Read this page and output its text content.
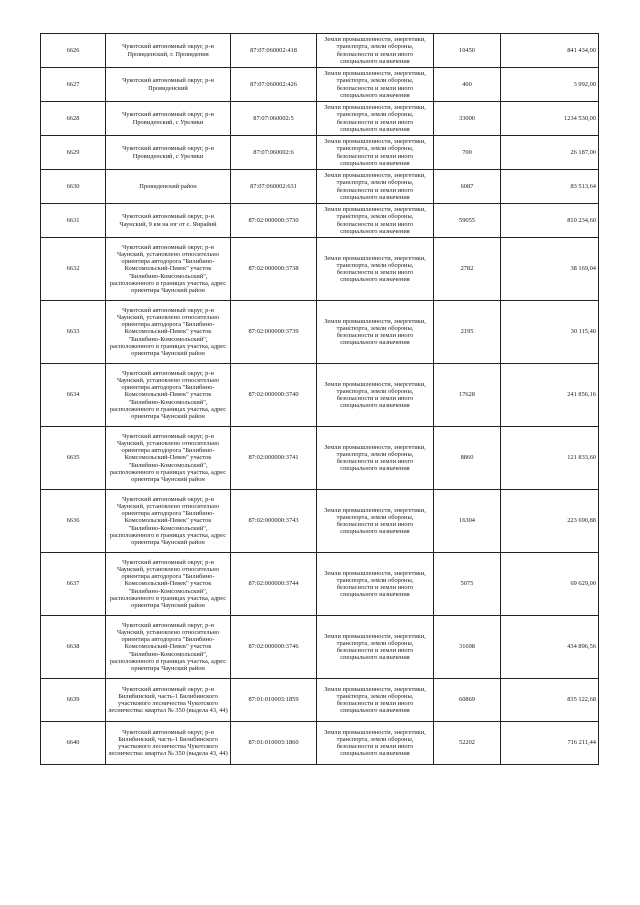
6626	Чукотский автономный округ, р-н Провиденский, г. Провидения	87:07:060002:418	Земли промышленности, энергетики, транспорта, земли обороны, безопасности и земли иного специального назначения	10450	841 434,00
6627	Чукотский автономный округ, р-н Провиденский	87:07:060002:426	Земли промышленности, энергетики, транспорта, земли обороны, безопасности и земли иного специального назначения	400	3 992,00
6628	Чукотский автономный округ, р-н Провиденский, с Урелики	87:07:060002:5	Земли промышленности, энергетики, транспорта, земли обороны, безопасности и земли иного специального назначения	33000	1234 530,00
6629	Чукотский автономный округ, р-н Провиденский, с Урелики	87:07:060002:6	Земли промышленности, энергетики, транспорта, земли обороны, безопасности и земли иного специального назначения	700	26 187,00
6630	Провиденский район	87:07:060002:631	Земли промышленности, энергетики, транспорта, земли обороны, безопасности и земли иного специального назначения	6087	83 513,64
6631	Чукотский автономный округ, р-н Чаунский, 9 км на юг от с. Янрайнй	87:02:000000:3730	Земли промышленности, энергетики, транспорта, земли обороны, безопасности и земли иного специального назначения	59055	810 234,60
6632	Чукотский автономный округ, р-н Чаунский, установлено относительно ориентира автодорога "Билибино-Комсомольский-Певек" участок "Билибино-Комсомольский", расположенного в границах участка, адрес ориентира Чаунский район	87:02:000000:3738	Земли промышленности, энергетики, транспорта, земли обороны, безопасности и земли иного специального назначения	2782	38 169,04
6633	Чукотский автономный округ, р-н Чаунский, установлено относительно ориентира автодорога "Билибино-Комсомольский-Певек" участок "Билибино-Комсомольский", расположенного в границах участка, адрес ориентира Чаунский район	87:02:000000:3739	Земли промышленности, энергетики, транспорта, земли обороны, безопасности и земли иного специального назначения	2195	30 115,40
6634	Чукотский автономный округ, р-н Чаунский, установлено относительно ориентира автодорога "Билибино-Комсомольский-Певек" участок "Билибино-Комсомольский", расположенного в границах участка, адрес ориентира Чаунский район	87:02:000000:3740	Земли промышленности, энергетики, транспорта, земли обороны, безопасности и земли иного специального назначения	17628	241 856,16
6635	Чукотский автономный округ, р-н Чаунский, установлено относительно ориентира автодорога "Билибино-Комсомольский-Певек" участок "Билибино-Комсомольский", расположенного в границах участка, адрес ориентира Чаунский район	87:02:000000:3741	Земли промышленности, энергетики, транспорта, земли обороны, безопасности и земли иного специального назначения	8860	121 833,60
6636	Чукотский автономный округ, р-н Чаунский, установлено относительно ориентира автодорога "Билибино-Комсомольский-Певек" участок "Билибино-Комсомольский", расположенного в границах участка, адрес ориентира Чаунский район	87:02:000000:3743	Земли промышленности, энергетики, транспорта, земли обороны, безопасности и земли иного специального назначения	16304	223 690,88
6637	Чукотский автономный округ, р-н Чаунский, установлено относительно ориентира автодорога "Билибино-Комсомольский-Певек" участок "Билибино-Комсомольский", расположенного в границах участка, адрес ориентира Чаунский район	87:02:000000:3744	Земли промышленности, энергетики, транспорта, земли обороны, безопасности и земли иного специального назначения	5075	69 629,00
6638	Чукотский автономный округ, р-н Чаунский, установлено относительно ориентира автодорога "Билибино-Комсомольский-Певек" участок "Билибино-Комсомольский", расположенного в границах участка, адрес ориентира Чаунский район	87:02:000000:3746	Земли промышленности, энергетики, транспорта, земли обороны, безопасности и земли иного специального назначения	31698	434 896,56
6639	Чукотский автономный округ, р-н Билибинский, часть-1 Билибинского участкового лесничества Чукотского лесничества: квартал № 350 (выдела 43, 44)	87:01:010003:1859	Земли промышленности, энергетики, транспорта, земли обороны, безопасности и земли иного специального назначения	60869	835 122,68
6640	Чукотский автономный округ, р-н Билибинский, часть-1 Билибинского участкового лесничества Чукотского лесничества: квартал № 350 (выдела 43, 44)	87:01:010003:1860	Земли промышленности, энергетики, транспорта, земли обороны, безопасности и земли иного специального назначения	52202	716 211,44
